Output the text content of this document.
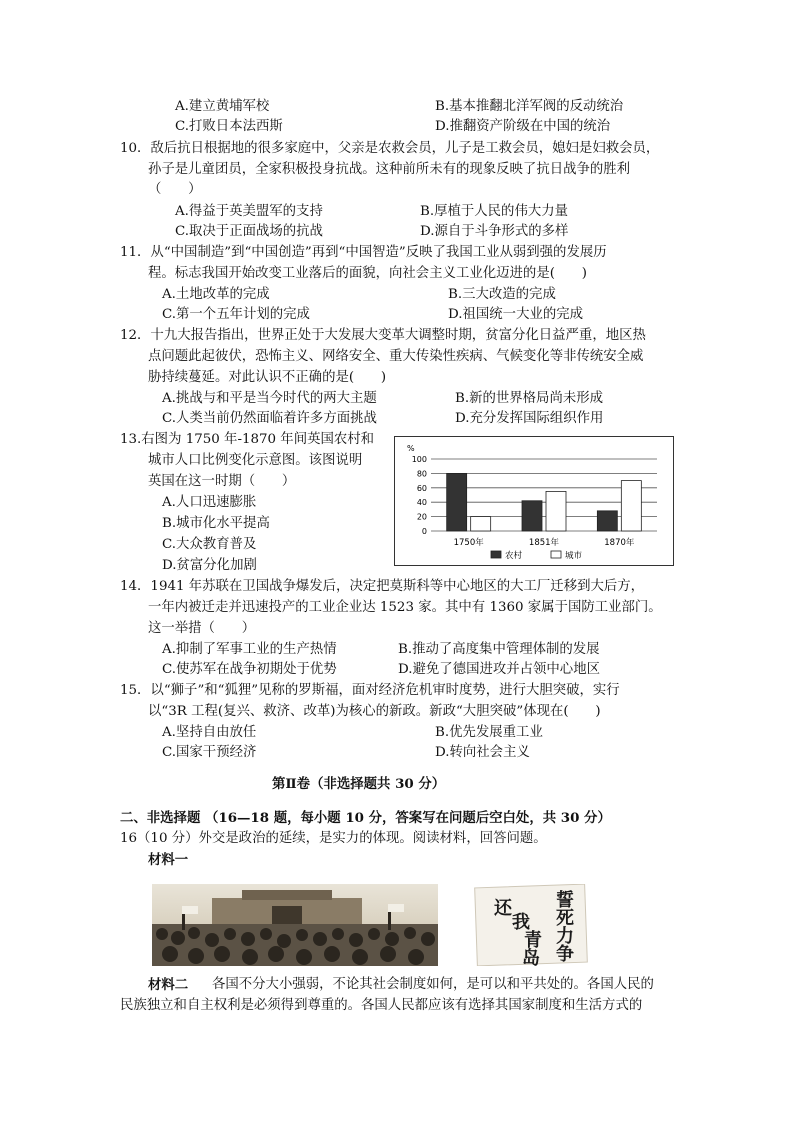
A.建立黄埔军校	B.基本推翻北洋军阀的反动统治
C.打败日本法西斯	D.推翻资产阶级在中国的统治
10．敌后抗日根据地的很多家庭中，父亲是农救会员，儿子是工救会员，媳妇是妇救会员，
孙子是儿童团员，全家积极投身抗战。这种前所未有的现象反映了抗日战争的胜利
（　　）
A.得益于英美盟军的支持	B.厚植于人民的伟大力量
C.取决于正面战场的抗战	D.源自于斗争形式的多样
11．从“中国制造”到“中国创造”再到“中国智造”反映了我国工业从弱到强的发展历
程。标志我国开始改变工业落后的面貌，向社会主义工业化迈进的是(　　)
A.土地改革的完成	B.三大改造的完成
C.第一个五年计划的完成	D.祖国统一大业的完成
12．十九大报告指出，世界正处于大发展大变革大调整时期，贫富分化日益严重，地区热
点问题此起彼伏，恐怖主义、网络安全、重大传染性疾病、气候变化等非传统安全威
胁持续蔓延。对此认识不正确的是(　　)
A.挑战与和平是当今时代的两大主题	B.新的世界格局尚未形成
C.人类当前仍然面临着许多方面挑战	D.充分发挥国际组织作用
13.右图为 1750 年-1870 年间英国农村和
城市人口比例变化示意图。该图说明
英国在这一时期（　　）
A.人口迅速膨胀
B.城市化水平提高
C.大众教育普及
D.贫富分化加剧
%
100
80
60
40
20
0
1750年	1851年	1870年
农村	城市
14．1941 年苏联在卫国战争爆发后，决定把莫斯科等中心地区的大工厂迁移到大后方，
一年内被迁走并迅速投产的工业企业达 1523 家。其中有 1360 家属于国防工业部门。
这一举措（　　）
A.抑制了军事工业的生产热情	B.推动了高度集中管理体制的发展
C.使苏军在战争初期处于优势	D.避免了德国进攻并占领中心地区
15．以“狮子”和“狐狸”见称的罗斯福，面对经济危机审时度势，进行大胆突破，实行
以“3R 工程(复兴、救济、改革)为核心的新政。新政“大胆突破”体现在(　　)
A.坚持自由放任	B.优先发展重工业
C.国家干预经济	D.转向社会主义
第Ⅱ卷（非选择题共 30 分）
二、非选择题 （16—18 题，每小题 10 分，答案写在问题后空白处，共 30 分）
16（10 分）外交是政治的延续，是实力的体现。阅读材料，回答问题。
材料一
誓
死
力
争
还
我
青
岛
材料二 各国不分大小强弱，不论其社会制度如何，是可以和平共处的。各国人民的
民族独立和自主权利是必须得到尊重的。各国人民都应该有选择其国家制度和生活方式的
